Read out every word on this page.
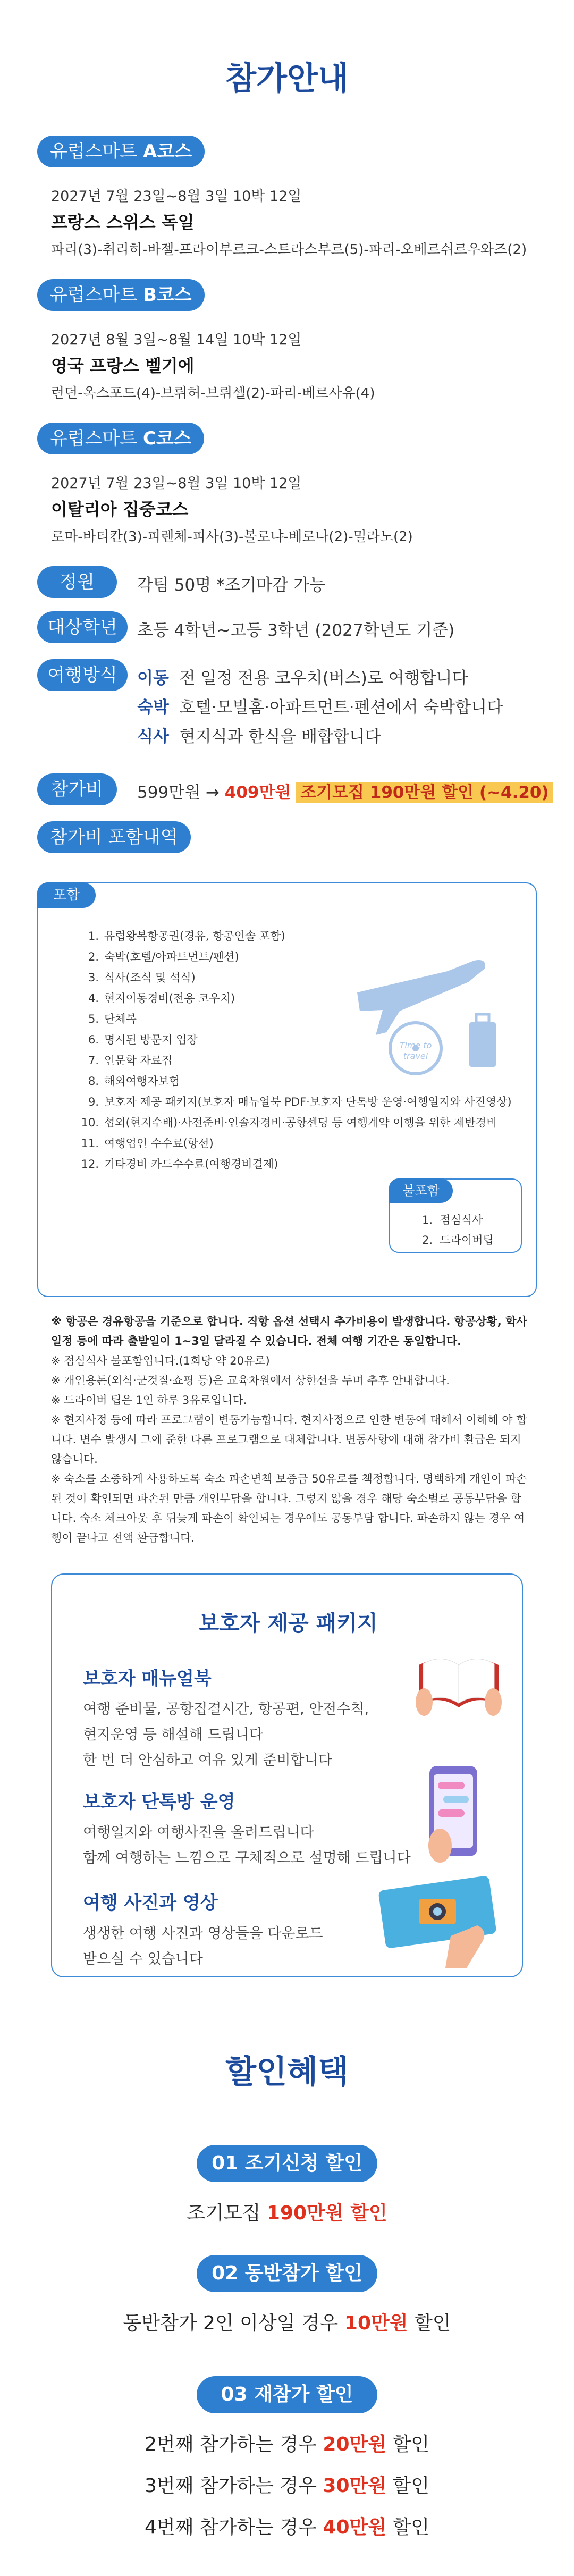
참가안내
유럽스마트 A코스
2027년 7월 23일~8월 3일 10박 12일
프랑스 스위스 독일
파리(3)-취리히-바젤-프라이부르크-스트라스부르(5)-파리-오베르쉬르우와즈(2)
유럽스마트 B코스
2027년 8월 3일~8월 14일 10박 12일
영국 프랑스 벨기에
런던-옥스포드(4)-브뤼허-브뤼셀(2)-파리-베르사유(4)
유럽스마트 C코스
2027년 7월 23일~8월 3일 10박 12일
이탈리아 집중코스
로마-바티칸(3)-피렌체-피사(3)-볼로냐-베로나(2)-밀라노(2)
정원	각팀 50명 *조기마감 가능
대상학년	초등 4학년~고등 3학년 (2027학년도 기준)
여행방식	이동 전 일정 전용 코우치(버스)로 여행합니다
숙박 호텔·모빌홈·아파트먼트·펜션에서 숙박합니다
식사 현지식과 한식을 배합합니다
참가비	599만원 → 409만원 조기모집 190만원 할인 (~4.20)
참가비 포함내역
포함
1. 유럽왕복항공권(경유, 항공인솔 포함)
2. 숙박(호텔/아파트먼트/펜션)
3. 식사(조식 및 석식)
4. 현지이동경비(전용 코우치)
5. 단체복
6. 명시된 방문지 입장
7. 인문학 자료집
8. 해외여행자보험
9. 보호자 제공 패키지(보호자 매뉴얼북 PDF·보호자 단톡방 운영·여행일지와 사진영상)
10. 섭외(현지수배)·사전준비·인솔자경비·공항센딩 등 여행계약 이행을 위한 제반경비
11. 여행업인 수수료(항선)
12. 기타경비 카드수수료(여행경비결제)
Time to
travel
불포함
1.  점심식사
2.  드라이버팁

※ 항공은 경유항공을 기준으로 합니다. 직항 옵션 선택시 추가비용이 발생합니다. 항공상황, 학사일정 등에 따라 출발일이 1~3일 달라질 수 있습니다. 전체 여행 기간은 동일합니다.

※ 점심식사 불포함입니다.(1회당 약 20유로)

※ 개인용돈(외식·군것질·쇼핑 등)은 교육차원에서 상한선을 두며 추후 안내합니다.

※ 드라이버 팁은 1인 하루 3유로입니다.

※ 현지사정 등에 따라 프로그램이 변동가능합니다. 현지사정으로 인한 변동에 대해서 이해해 야 합니다. 변수 발생시 그에 준한 다른 프로그램으로 대체합니다. 변동사항에 대해 참가비 환급은 되지 않습니다.

※ 숙소를 소중하게 사용하도록 숙소 파손면책 보증금 50유로를 책정합니다. 명백하게 개인이 파손된 것이 확인되면 파손된 만큼 개인부담을 합니다. 그렇지 않을 경우 해당 숙소별로 공동부담을 합니다. 숙소 체크아웃 후 뒤늦게 파손이 확인되는 경우에도 공동부담 합니다. 파손하지 않는 경우 여행이 끝나고 전액 환급합니다.

보호자 제공 패키지
보호자 매뉴얼북

여행 준비물, 공항집결시간, 항공편, 안전수칙,

현지운영 등 해설해 드립니다

한 번 더 안심하고 여유 있게 준비합니다

보호자 단톡방 운영

여행일지와 여행사진을 올려드립니다

함께 여행하는 느낌으로 구체적으로 설명해 드립니다

여행 사진과 영상

생생한 여행 사진과 영상들을 다운로드

받으실 수 있습니다

할인혜택
01 조기신청 할인
조기모집 190만원 할인
02 동반참가 할인
동반참가 2인 이상일 경우 10만원 할인
03 재참가 할인
2번째 참가하는 경우 20만원 할인
3번째 참가하는 경우 30만원 할인
4번째 참가하는 경우 40만원 할인
